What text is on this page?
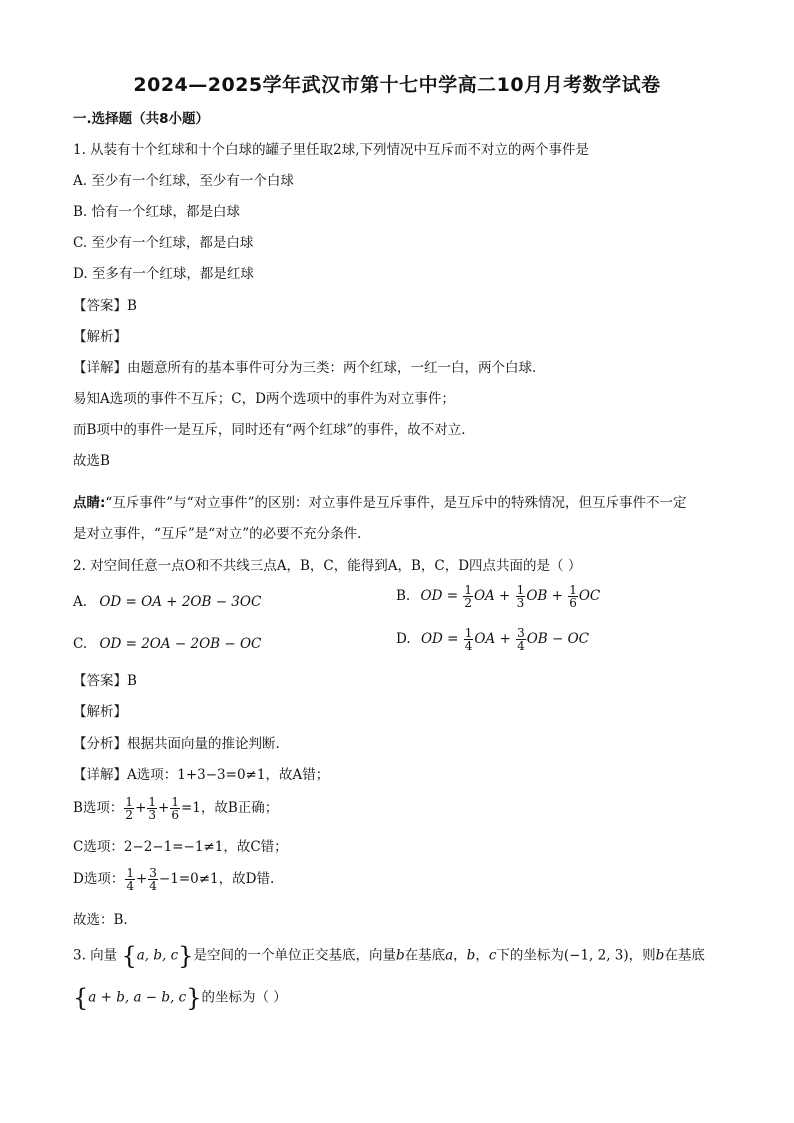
2024—2025学年武汉市第十七中学高二10月月考数学试卷
一.选择题（共8小题）
1. 从装有十个红球和十个白球的罐子里任取2球,下列情况中互斥而不对立的两个事件是
A. 至少有一个红球，至少有一个白球
B. 恰有一个红球，都是白球
C. 至少有一个红球，都是白球
D. 至多有一个红球，都是红球
【答案】B
【解析】
【详解】由题意所有的基本事件可分为三类：两个红球，一红一白，两个白球．
易知A选项的事件不互斥；C，D两个选项中的事件为对立事件；
而B项中的事件一是互斥，同时还有“两个红球”的事件，故不对立．
故选B
点睛:“互斥事件”与“对立事件”的区别：对立事件是互斥事件，是互斥中的特殊情况，但互斥事件不一定
是对立事件，“互斥”是“对立”的必要不充分条件.
2. 对空间任意一点O和不共线三点A，B，C，能得到A，B，C，D四点共面的是（ ）
A. OD = OA + 2OB − 3OC	B. OD = $\frac{1}{2}$ OA + $\frac{1}{3}$ OB + $\frac{1}{6}$ OC
C. OD = 2OA − 2OB − OC	D. OD = $\frac{1}{4}$ OA + $\frac{3}{4}$ OB − OC
【答案】B
【解析】
【分析】根据共面向量的推论判断.
【详解】A选项：1+3−3=0≠1，故A错；
B选项： $\frac{1}{2} + \frac{1}{3} + \frac{1}{6} =1$，故B正确；
C选项：2−2−1=−1≠1，故C错；
D选项： $\frac{1}{4} + \frac{3}{4} -1=0\ne 1$，故D错.
故选：B.
3. 向量 {a, b, c}是空间的一个单位正交基底，向量b在基底a，b，c下的坐标为(−1, 2, 3)，则b在基底
{a + b, a − b, c}的坐标为（ ）
